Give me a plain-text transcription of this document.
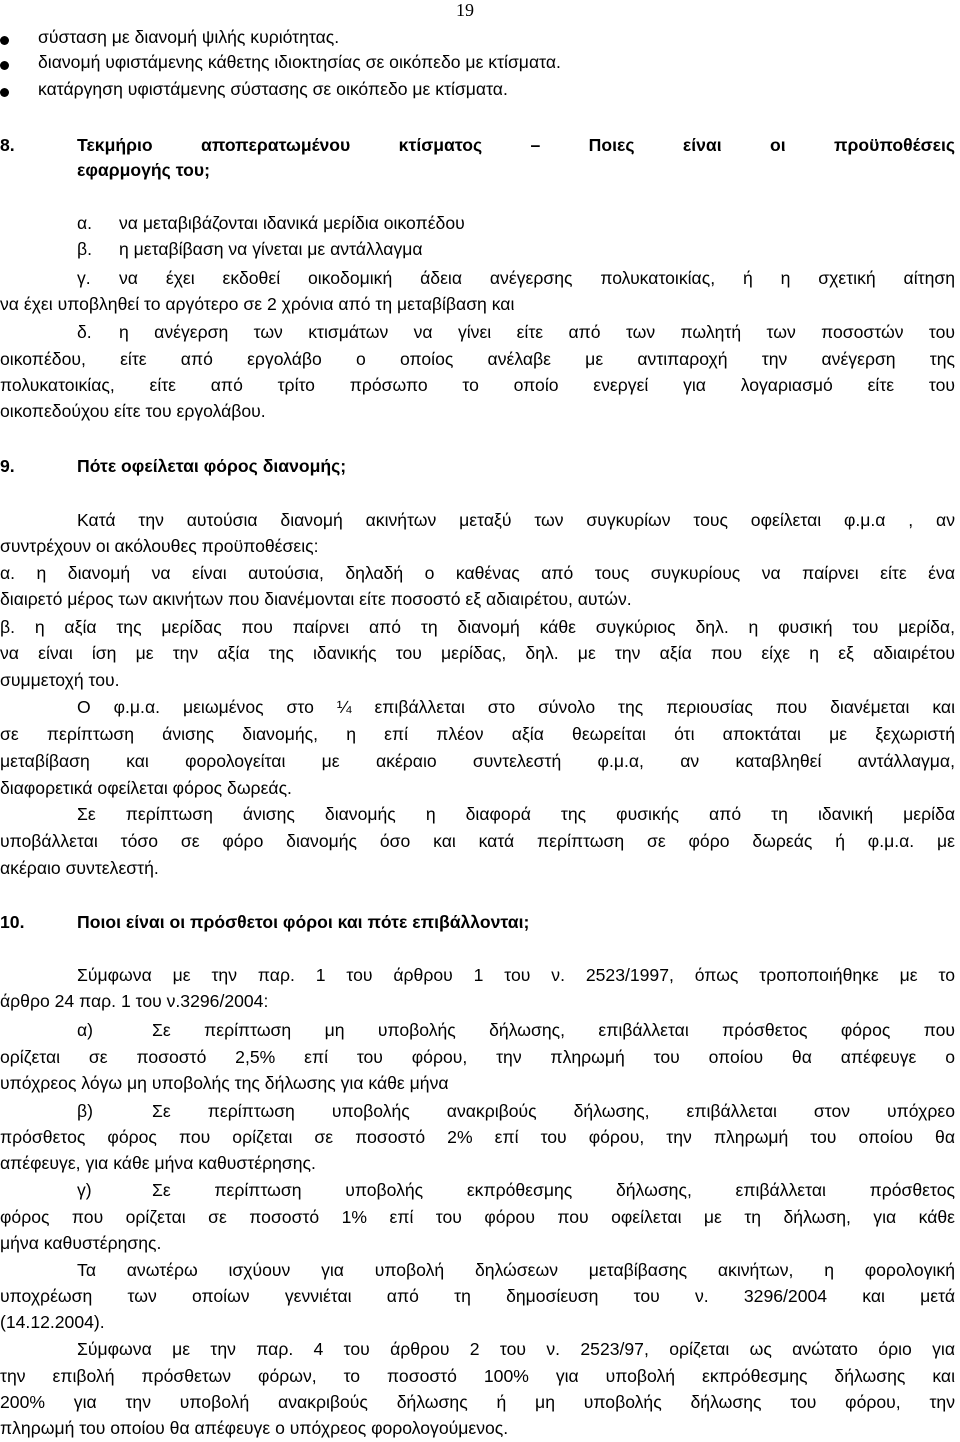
19
σύσταση με διανομή ψιλής κυριότητας.
διανομή υφιστάμενης κάθετης ιδιοκτησίας σε οικόπεδο με κτίσματα.
κατάργηση υφιστάμενης σύστασης σε οικόπεδο με κτίσματα.
8.	Τεκμήριο αποπερατωμένου κτίσματος – Ποιες είναι οι προϋποθέσεις
εφαρμογής του;
α.	να μεταβιβάζονται ιδανικά μερίδια οικοπέδου
β.	η μεταβίβαση να γίνεται με αντάλλαγμα
γ.	να έχει εκδοθεί οικοδομική άδεια ανέγερσης πολυκατοικίας, ή η σχετική αίτηση
να έχει υποβληθεί το αργότερο σε 2 χρόνια από τη μεταβίβαση και
δ.	η ανέγερση των κτισμάτων να γίνει είτε από των πωλητή των ποσοστών του
οικοπέδου, είτε από εργολάβο ο οποίος ανέλαβε με αντιπαροχή την ανέγερση της
πολυκατοικίας, είτε από τρίτο πρόσωπο το οποίο ενεργεί για λογαριασμό είτε του
οικοπεδούχου είτε του εργολάβου.
9.	Πότε οφείλεται φόρος διανομής;
Κατά την αυτούσια διανομή ακινήτων μεταξύ των συγκυρίων τους οφείλεται φ.μ.α , αν
συντρέχουν οι ακόλουθες προϋποθέσεις:
α. η διανομή να είναι αυτούσια, δηλαδή ο καθένας από τους συγκυρίους να παίρνει είτε ένα
διαιρετό μέρος των ακινήτων που διανέμονται είτε ποσοστό εξ αδιαιρέτου, αυτών.
β. η αξία της μερίδας που παίρνει από τη διανομή κάθε συγκύριος δηλ. η φυσική του μερίδα,
να είναι ίση με την αξία της ιδανικής του μερίδας, δηλ. με την αξία που είχε η εξ αδιαιρέτου
συμμετοχή του.
Ο φ.μ.α. μειωμένος στο ¼ επιβάλλεται στο σύνολο της περιουσίας που διανέμεται και
σε περίπτωση άνισης διανομής, η επί πλέον αξία θεωρείται ότι αποκτάται με ξεχωριστή
μεταβίβαση και φορολογείται με ακέραιο συντελεστή φ.μ.α, αν καταβληθεί αντάλλαγμα,
διαφορετικά οφείλεται φόρος δωρεάς.
Σε περίπτωση άνισης διανομής η διαφορά της φυσικής από τη ιδανική μερίδα
υποβάλλεται τόσο σε φόρο διανομής όσο και κατά περίπτωση σε φόρο δωρεάς ή φ.μ.α. με
ακέραιο συντελεστή.
10.	Ποιοι είναι οι πρόσθετοι φόροι και πότε επιβάλλονται;
Σύμφωνα με την παρ. 1 του άρθρου 1 του ν. 2523/1997, όπως τροποποιήθηκε με το
άρθρο 24 παρ. 1 του ν.3296/2004:
α)	Σε περίπτωση μη υποβολής δήλωσης, επιβάλλεται πρόσθετος φόρος που
ορίζεται σε ποσοστό 2,5% επί του φόρου, την πληρωμή του οποίου θα απέφευγε ο
υπόχρεος λόγω μη υποβολής της δήλωσης για κάθε μήνα
β)	Σε περίπτωση υποβολής ανακριβούς δήλωσης, επιβάλλεται στον υπόχρεο
πρόσθετος φόρος που ορίζεται σε ποσοστό 2% επί του φόρου, την πληρωμή του οποίου θα
απέφευγε, για κάθε μήνα καθυστέρησης.
γ)	Σε περίπτωση υποβολής εκπρόθεσμης δήλωσης, επιβάλλεται πρόσθετος
φόρος που ορίζεται σε ποσοστό 1% επί του φόρου που οφείλεται με τη δήλωση, για κάθε
μήνα καθυστέρησης.
Τα ανωτέρω ισχύουν για υποβολή δηλώσεων μεταβίβασης ακινήτων, η φορολογική
υποχρέωση των οποίων γεννιέται από τη δημοσίευση του ν. 3296/2004 και μετά
(14.12.2004).
Σύμφωνα με την παρ. 4 του άρθρου 2 του ν. 2523/97, ορίζεται ως ανώτατο όριο για
την επιβολή πρόσθετων φόρων, το ποσοστό 100% για υποβολή εκπρόθεσμης δήλωσης και
200% για την υποβολή ανακριβούς δήλωσης ή μη υποβολής δήλωσης του φόρου, την
πληρωμή του οποίου θα απέφευγε ο υπόχρεος φορολογούμενος.
